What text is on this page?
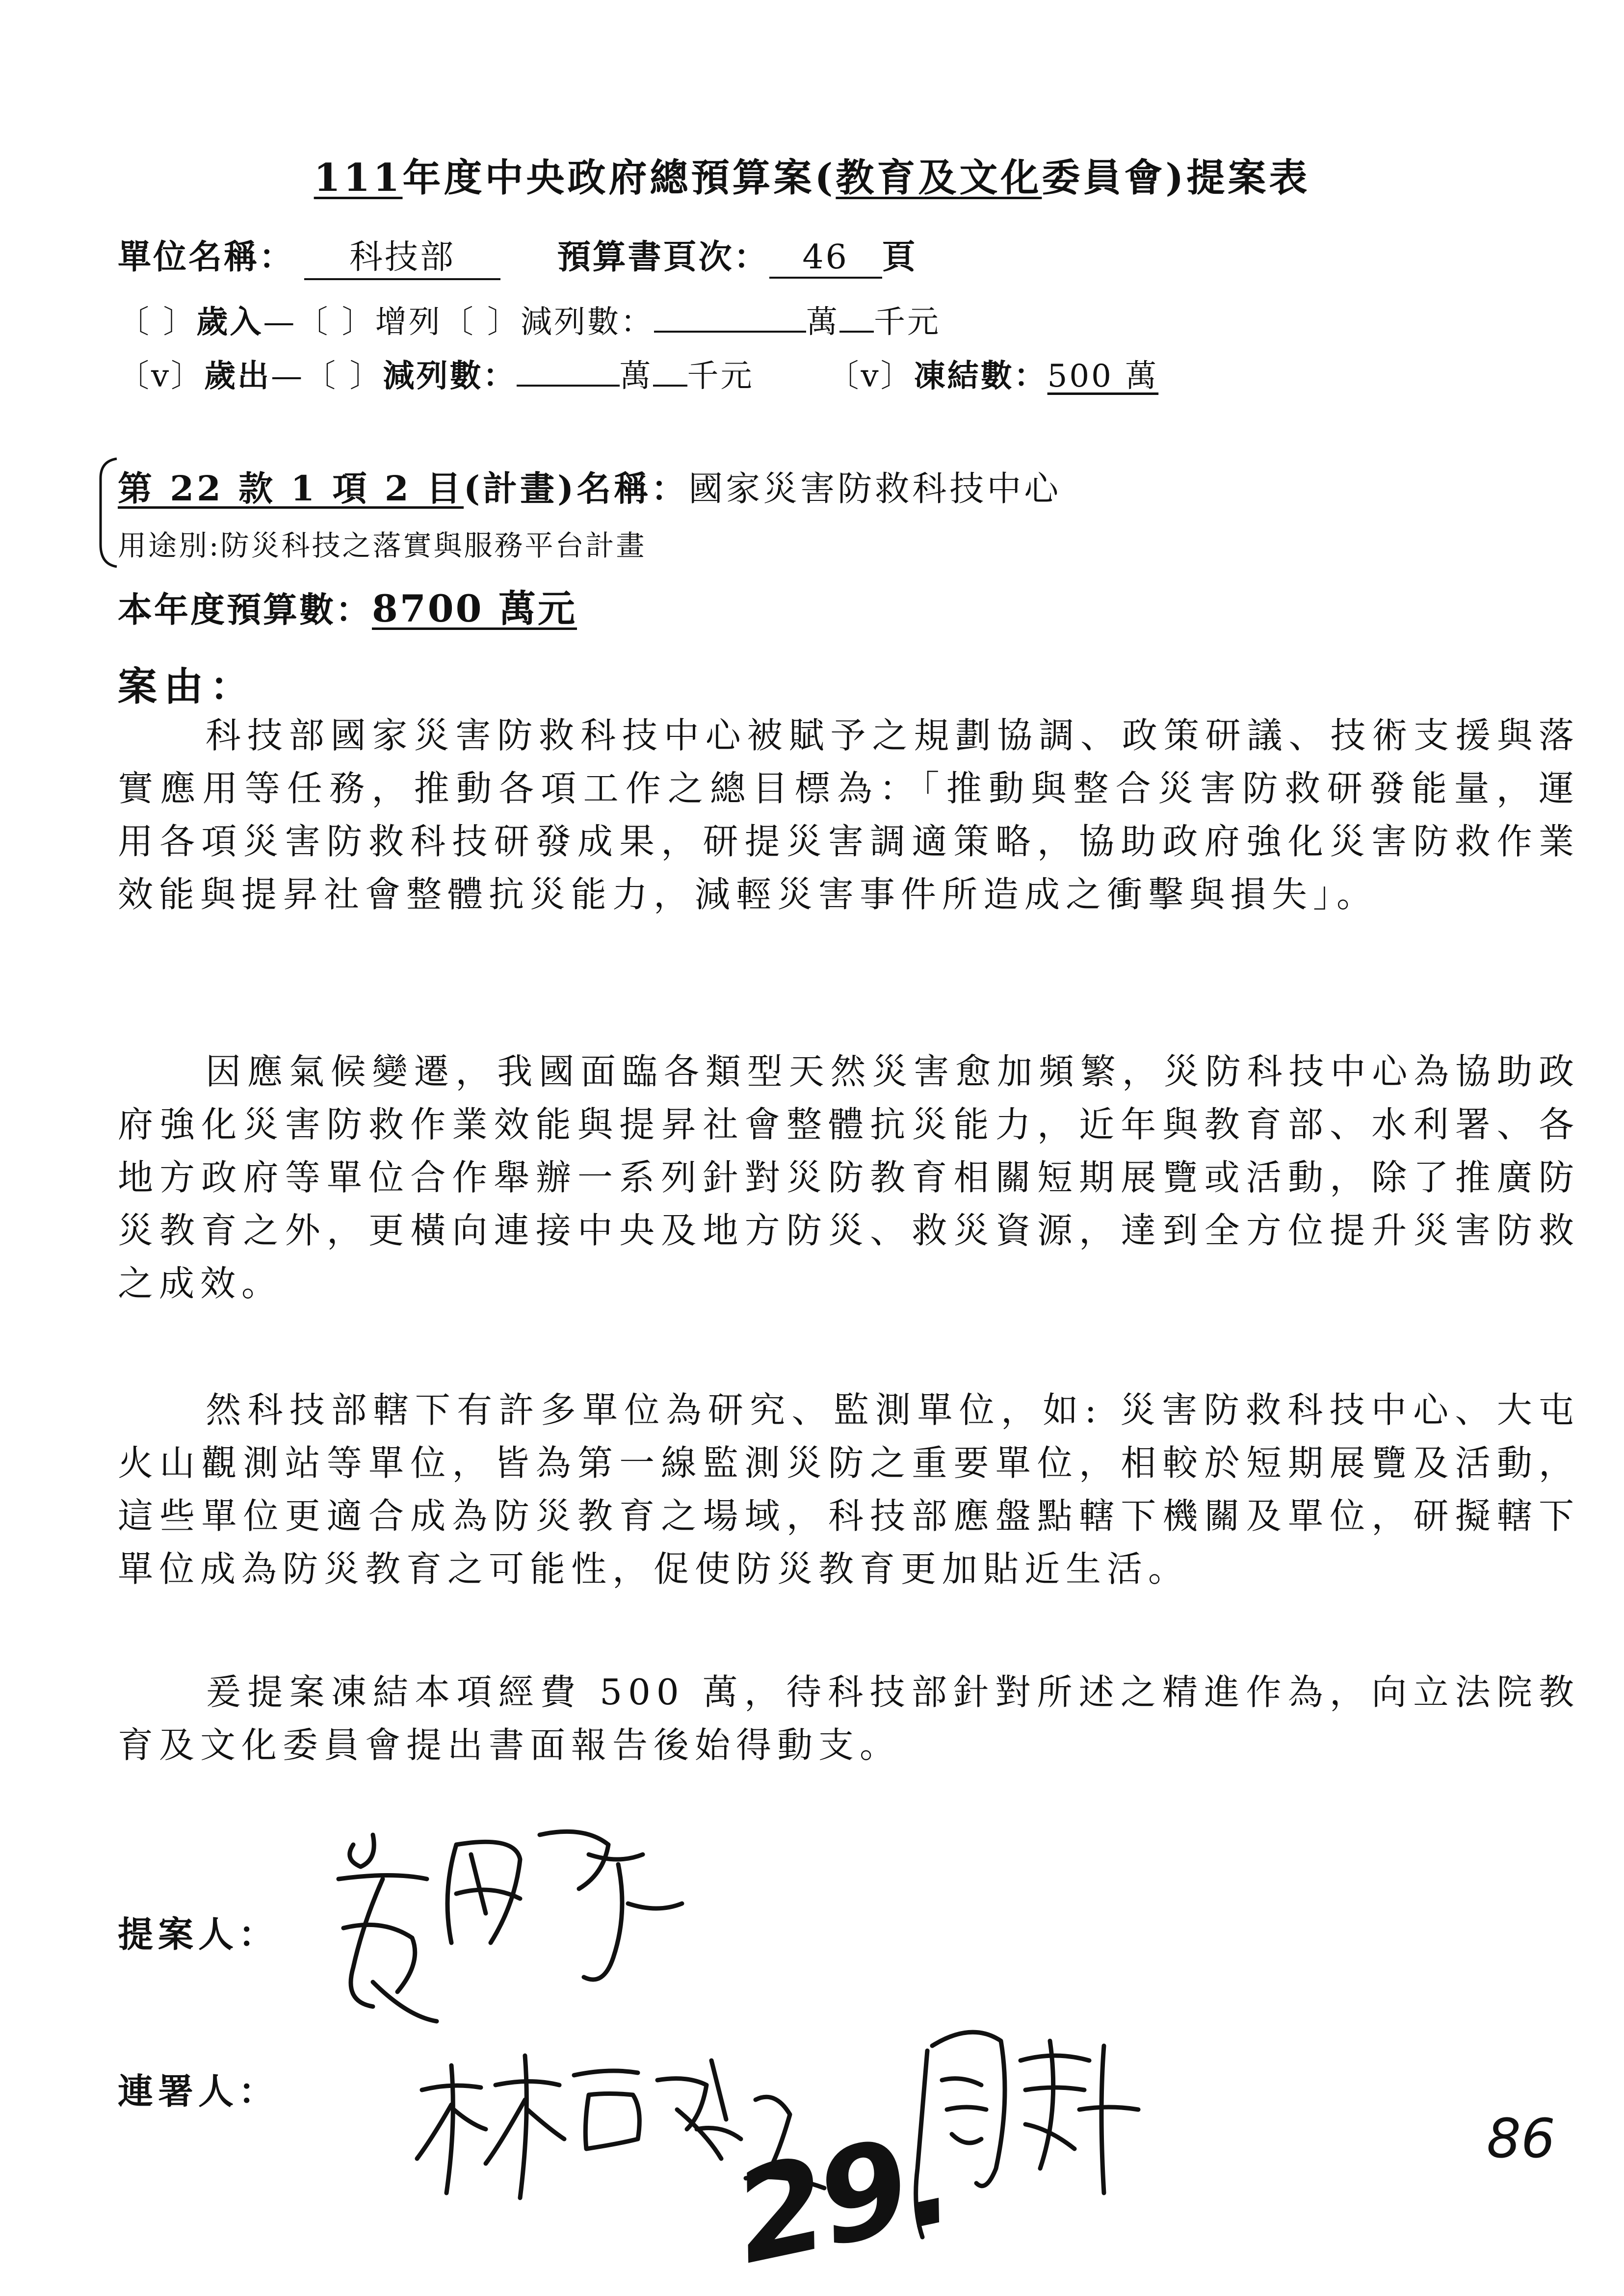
111年度中央政府總預算案(教育及文化委員會)提案表
單位名稱： 科技部	預算書頁次： 46 頁
〔 〕歲入—〔 〕增列〔 〕減列數：	萬 千元
〔v〕歲出—〔 〕減列數：	萬 千元 〔v〕凍結數：500 萬
第 22 款 1 項 2 目(計畫)名稱：國家災害防救科技中心
用途別:防災科技之落實與服務平台計畫
本年度預算數：8700 萬元
案由：
科技部國家災害防救科技中心被賦予之規劃協調、政策研議、技術支援與落實應用等任務，推動各項工作之總目標為：「推動與整合災害防救研發能量，運用各項災害防救科技研發成果，研提災害調適策略，協助政府強化災害防救作業效能與提昇社會整體抗災能力，減輕災害事件所造成之衝擊與損失」。
因應氣候變遷，我國面臨各類型天然災害愈加頻繁，災防科技中心為協助政府強化災害防救作業效能與提昇社會整體抗災能力，近年與教育部、水利署、各地方政府等單位合作舉辦一系列針對災防教育相關短期展覽或活動，除了推廣防災教育之外，更橫向連接中央及地方防災、救災資源，達到全方位提升災害防救之成效。
然科技部轄下有許多單位為研究、監測單位，如: 災害防救科技中心、大屯火山觀測站等單位，皆為第一線監測災防之重要單位，相較於短期展覽及活動，這些單位更適合成為防災教育之場域，科技部應盤點轄下機關及單位，研擬轄下單位成為防災教育之可能性，促使防災教育更加貼近生活。
爰提案凍結本項經費 500 萬，待科技部針對所述之精進作為，向立法院教育及文化委員會提出書面報告後始得動支。
提案人：
連署人：
29.	86
